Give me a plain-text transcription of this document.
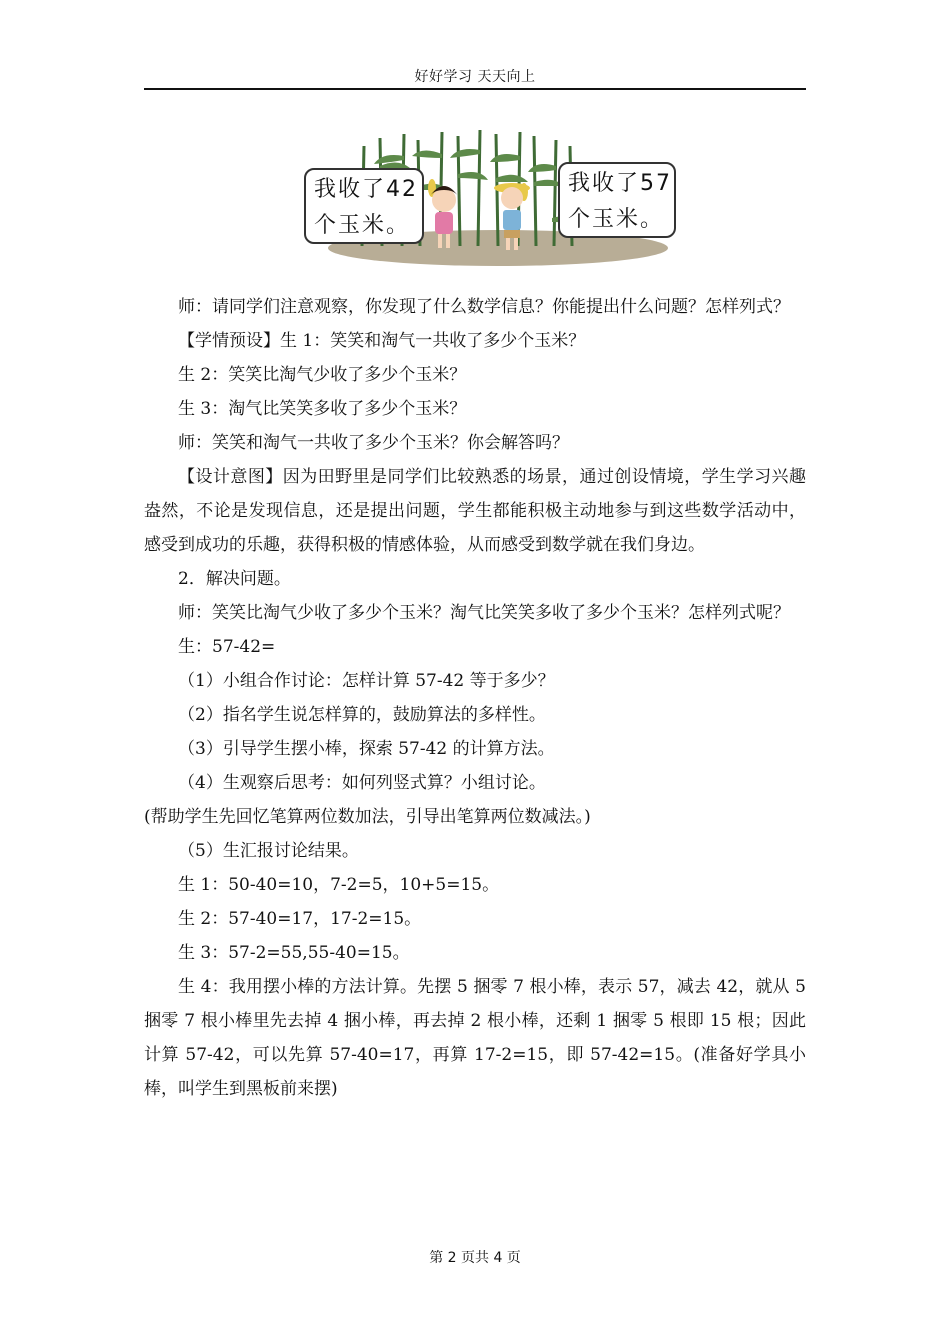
好好学习 天天向上
我收了42
个玉米。
我收了57
个玉米。

师：请同学们注意观察，你发现了什么数学信息？你能提出什么问题？怎样列式？

【学情预设】生 1：笑笑和淘气一共收了多少个玉米？

生 2：笑笑比淘气少收了多少个玉米？

生 3：淘气比笑笑多收了多少个玉米？

师：笑笑和淘气一共收了多少个玉米？你会解答吗？

【设计意图】因为田野里是同学们比较熟悉的场景，通过创设情境，学生学习兴趣盎然，不论是发现信息，还是提出问题，学生都能积极主动地参与到这些数学活动中，感受到成功的乐趣，获得积极的情感体验，从而感受到数学就在我们身边。

2．解决问题。

师：笑笑比淘气少收了多少个玉米？淘气比笑笑多收了多少个玉米？怎样列式呢？

生：57-42=

（1）小组合作讨论：怎样计算 57-42 等于多少？

（2）指名学生说怎样算的，鼓励算法的多样性。

（3）引导学生摆小棒，探索 57-42 的计算方法。

（4）生观察后思考：如何列竖式算？小组讨论。

(帮助学生先回忆笔算两位数加法，引导出笔算两位数减法。)

（5）生汇报讨论结果。

生 1：50-40=10，7-2=5，10+5=15。

生 2：57-40=17，17-2=15。

生 3：57-2=55,55-40=15。

生 4：我用摆小棒的方法计算。先摆 5 捆零 7 根小棒，表示 57，减去 42，就从 5 捆零 7 根小棒里先去掉 4 捆小棒，再去掉 2 根小棒，还剩 1 捆零 5 根即 15 根；因此计算 57-42，可以先算 57-40=17，再算 17-2=15，即 57-42=15。(准备好学具小棒，叫学生到黑板前来摆)

第 2 页共 4 页
